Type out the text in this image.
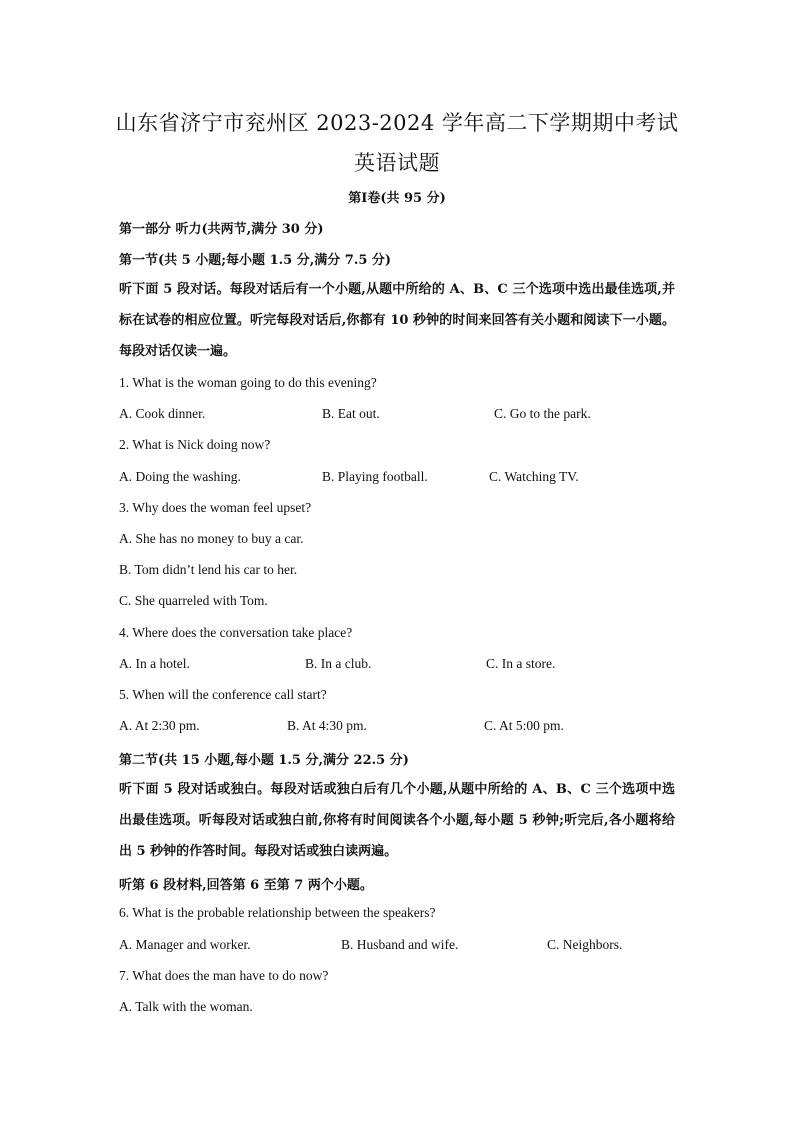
山东省济宁市兖州区 2023-2024 学年高二下学期期中考试
英语试题
第Ⅰ卷(共 95 分)
第一部分 听力(共两节,满分 30 分)
第一节(共 5 小题;每小题 1.5 分,满分 7.5 分)
听下面 5 段对话。每段对话后有一个小题,从题中所给的 A、B、C 三个选项中选出最佳选项,并标在试卷的相应位置。听完每段对话后,你都有 10 秒钟的时间来回答有关小题和阅读下一小题。每段对话仅读一遍。
1. What is the woman going to do this evening?
A. Cook dinner.	B. Eat out.	C. Go to the park.
2. What is Nick doing now?
A. Doing the washing.	B. Playing football.	C. Watching TV.
3. Why does the woman feel upset?
A. She has no money to buy a car.
B. Tom didn’t lend his car to her.
C. She quarreled with Tom.
4. Where does the conversation take place?
A. In a hotel.	B. In a club.	C. In a store.
5. When will the conference call start?
A. At 2:30 pm.	B. At 4:30 pm.	C. At 5:00 pm.
第二节(共 15 小题,每小题 1.5 分,满分 22.5 分)
听下面 5 段对话或独白。每段对话或独白后有几个小题,从题中所给的 A、B、C 三个选项中选出最佳选项。听每段对话或独白前,你将有时间阅读各个小题,每小题 5 秒钟;听完后,各小题将给出 5 秒钟的作答时间。每段对话或独白读两遍。
听第 6 段材料,回答第 6 至第 7 两个小题。
6. What is the probable relationship between the speakers?
A. Manager and worker.	B. Husband and wife.	C. Neighbors.
7. What does the man have to do now?
A. Talk with the woman.
